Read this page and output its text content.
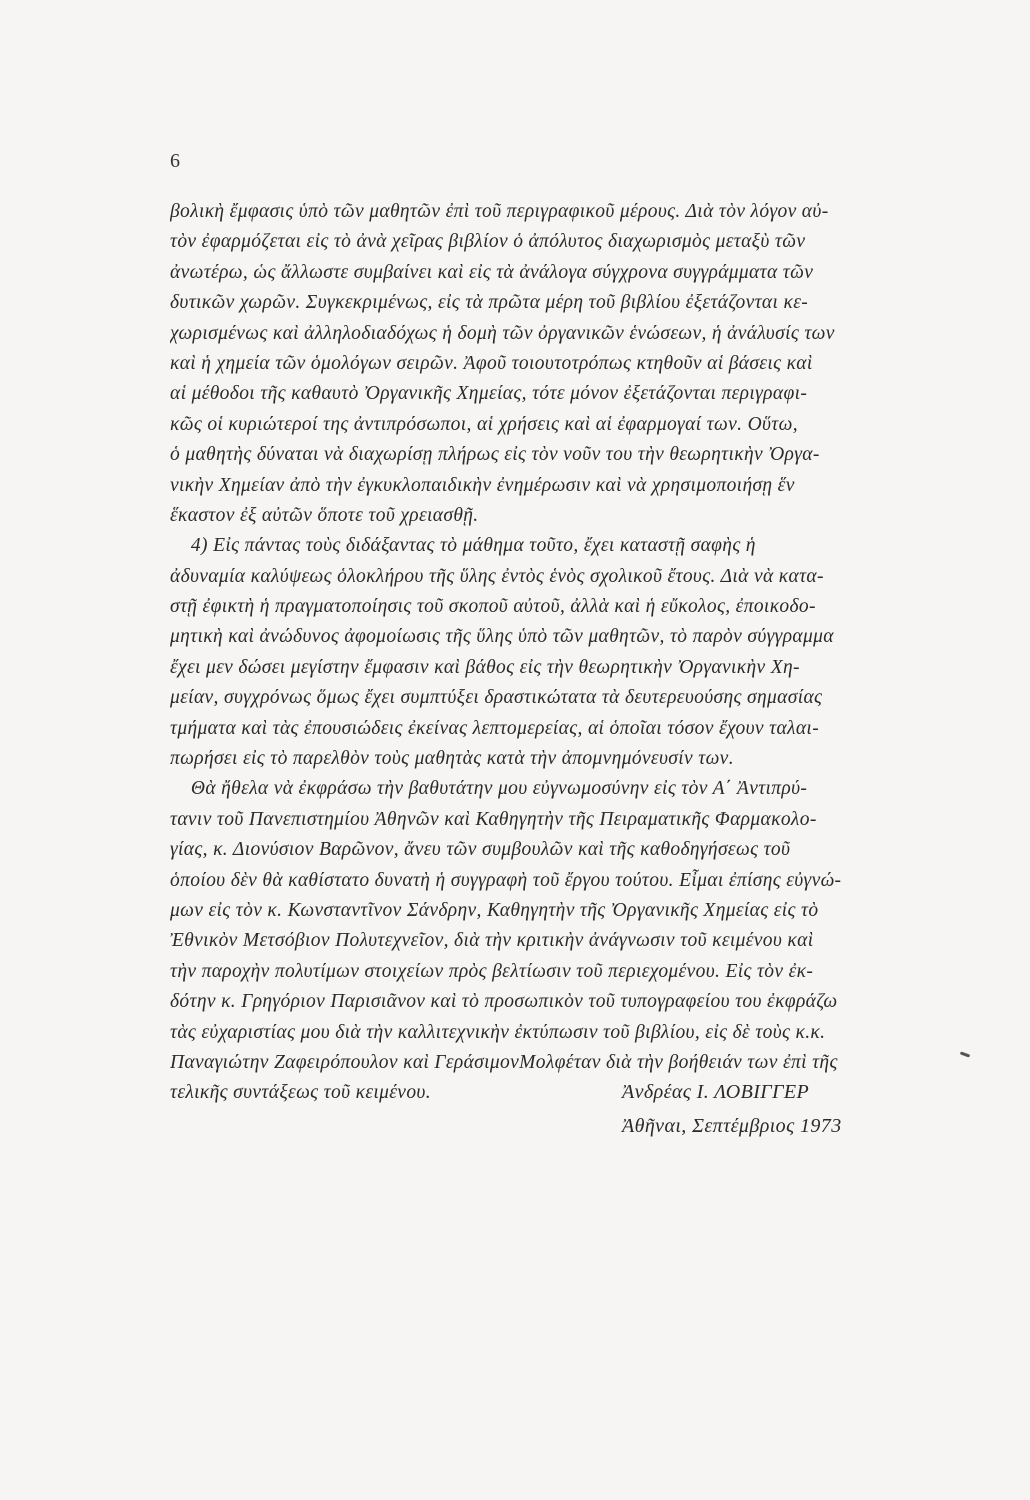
6
βολικὴ ἔμφασις ὑπὸ τῶν μαθητῶν ἐπὶ τοῦ περιγραφικοῦ μέρους. Διὰ τὸν λόγον αὐ-
τὸν ἐφαρμόζεται εἰς τὸ ἀνὰ χεῖρας βιβλίον ὁ ἀπόλυτος διαχωρισμὸς μεταξὺ τῶν
ἀνωτέρω, ὡς ἄλλωστε συμβαίνει καὶ εἰς τὰ ἀνάλογα σύγχρονα συγγράμματα τῶν
δυτικῶν χωρῶν. Συγκεκριμένως, εἰς τὰ πρῶτα μέρη τοῦ βιβλίου ἐξετάζονται κε-
χωρισμένως καὶ ἀλληλοδιαδόχως ἡ δομὴ τῶν ὀργανικῶν ἑνώσεων, ἡ ἀνάλυσίς των
καὶ ἡ χημεία τῶν ὁμολόγων σειρῶν. Ἀφοῦ τοιουτοτρόπως κτηθοῦν αἱ βάσεις καὶ
αἱ μέθοδοι τῆς καθαυτὸ Ὀργανικῆς Χημείας, τότε μόνον ἐξετάζονται περιγραφι-
κῶς οἱ κυριώτεροί της ἀντιπρόσωποι, αἱ χρήσεις καὶ αἱ ἐφαρμογαί των. Οὕτω,
ὁ μαθητὴς δύναται νὰ διαχωρίσῃ πλήρως εἰς τὸν νοῦν του τὴν θεωρητικὴν Ὀργα-
νικὴν Χημείαν ἀπὸ τὴν ἐγκυκλοπαιδικὴν ἐνημέρωσιν καὶ νὰ χρησιμοποιήσῃ ἕν
ἕκαστον ἐξ αὐτῶν ὅποτε τοῦ χρειασθῇ.
4) Εἰς πάντας τοὺς διδάξαντας τὸ μάθημα τοῦτο, ἔχει καταστῇ σαφὴς ἡ
ἀδυναμία καλύψεως ὁλοκλήρου τῆς ὕλης ἐντὸς ἑνὸς σχολικοῦ ἔτους. Διὰ νὰ κατα-
στῇ ἐφικτὴ ἡ πραγματοποίησις τοῦ σκοποῦ αὐτοῦ, ἀλλὰ καὶ ἡ εὔκολος, ἐποικοδο-
μητικὴ καὶ ἀνώδυνος ἀφομοίωσις τῆς ὕλης ὑπὸ τῶν μαθητῶν, τὸ παρὸν σύγγραμμα
ἔχει μεν δώσει μεγίστην ἔμφασιν καὶ βάθος εἰς τὴν θεωρητικὴν Ὀργανικὴν Χη-
μείαν, συγχρόνως ὅμως ἔχει συμπτύξει δραστικώτατα τὰ δευτερευούσης σημασίας
τμήματα καὶ τὰς ἐπουσιώδεις ἐκείνας λεπτομερείας, αἱ ὁποῖαι τόσον ἔχουν ταλαι-
πωρήσει εἰς τὸ παρελθὸν τοὺς μαθητὰς κατὰ τὴν ἀπομνημόνευσίν των.
Θὰ ἤθελα νὰ ἐκφράσω τὴν βαθυτάτην μου εὐγνωμοσύνην εἰς τὸν Α΄ Ἀντιπρύ-
τανιν τοῦ Πανεπιστημίου Ἀθηνῶν καὶ Καθηγητὴν τῆς Πειραματικῆς Φαρμακολο-
γίας, κ. Διονύσιον Βαρῶνον, ἄνευ τῶν συμβουλῶν καὶ τῆς καθοδηγήσεως τοῦ
ὁποίου δὲν θὰ καθίστατο δυνατὴ ἡ συγγραφὴ τοῦ ἔργου τούτου. Εἶμαι ἐπίσης εὐγνώ-
μων εἰς τὸν κ. Κωνσταντῖνον Σάνδρην, Καθηγητὴν τῆς Ὀργανικῆς Χημείας εἰς τὸ
Ἐθνικὸν Μετσόβιον Πολυτεχνεῖον, διὰ τὴν κριτικὴν ἀνάγνωσιν τοῦ κειμένου καὶ
τὴν παροχὴν πολυτίμων στοιχείων πρὸς βελτίωσιν τοῦ περιεχομένου. Εἰς τὸν ἐκ-
δότην κ. Γρηγόριον Παρισιᾶνον καὶ τὸ προσωπικὸν τοῦ τυπογραφείου του ἐκφράζω
τὰς εὐχαριστίας μου διὰ τὴν καλλιτεχνικὴν ἐκτύπωσιν τοῦ βιβλίου, εἰς δὲ τοὺς κ.κ.
Παναγιώτην Ζαφειρόπουλον καὶ ΓεράσιμονΜολφέταν διὰ τὴν βοήθειάν των ἐπὶ τῆς
τελικῆς συντάξεως τοῦ κειμένου.	Ἀνδρέας Ι. ΛΟΒΙΓΓΕΡ
Ἀθῆναι, Σεπτέμβριος 1973
